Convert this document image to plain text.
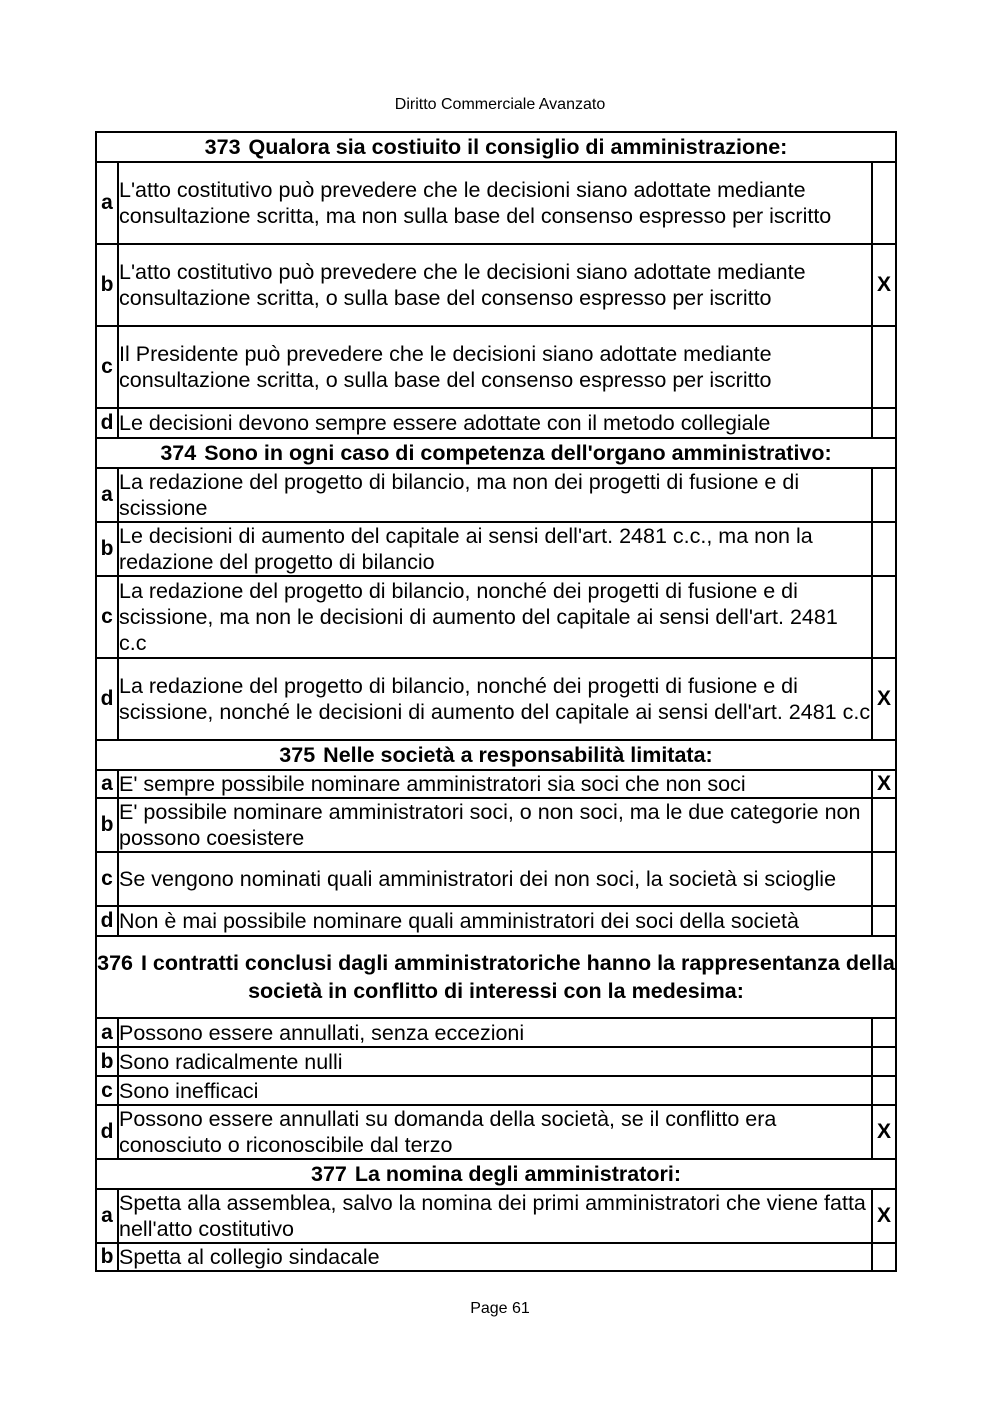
Diritto Commerciale Avanzato
373 Qualora sia costiuito il consiglio di amministrazione:		
a	L'atto costitutivo può prevedere che le decisioni siano adottate mediante consultazione scritta, ma non sulla base del consenso espresso per iscritto	
b	L'atto costitutivo può prevedere che le decisioni siano adottate mediante consultazione scritta, o sulla base del consenso espresso per iscritto	X
c	Il Presidente può prevedere che le decisioni siano adottate mediante consultazione scritta, o sulla base del consenso espresso per iscritto	
d	Le decisioni devono sempre essere adottate con il metodo collegiale	
374 Sono in ogni caso di competenza dell'organo amministrativo:		
a	La redazione del progetto di bilancio, ma non dei progetti di fusione e di scissione	
b	Le decisioni di aumento del capitale ai sensi dell'art. 2481 c.c., ma non la redazione del progetto di bilancio	
c	La redazione del progetto di bilancio, nonché dei progetti di fusione e di scissione, ma non le decisioni di aumento del capitale ai sensi dell'art. 2481 c.c	
d	La redazione del progetto di bilancio, nonché dei progetti di fusione e di scissione, nonché le decisioni di aumento del capitale ai sensi dell'art. 2481 c.c	X
375 Nelle società a responsabilità limitata:		
a	E' sempre possibile nominare amministratori sia soci che non soci	X
b	E' possibile nominare amministratori soci, o non soci, ma le due categorie non possono coesistere	
c	Se vengono nominati quali amministratori dei non soci, la società si scioglie	
d	Non è mai possibile nominare quali amministratori dei soci della società	
376 I contratti conclusi dagli amministratoriche hanno la rappresentanza della società in conflitto di interessi con la medesima:		
a	Possono essere annullati, senza eccezioni	
b	Sono radicalmente nulli	
c	Sono inefficaci	
d	Possono essere annullati su domanda della società, se il conflitto era conosciuto o riconoscibile dal terzo	X
377 La nomina degli amministratori:		
a	Spetta alla assemblea, salvo la nomina dei primi amministratori che viene fatta nell'atto costitutivo	X
b	Spetta al collegio sindacale	
Page 61
